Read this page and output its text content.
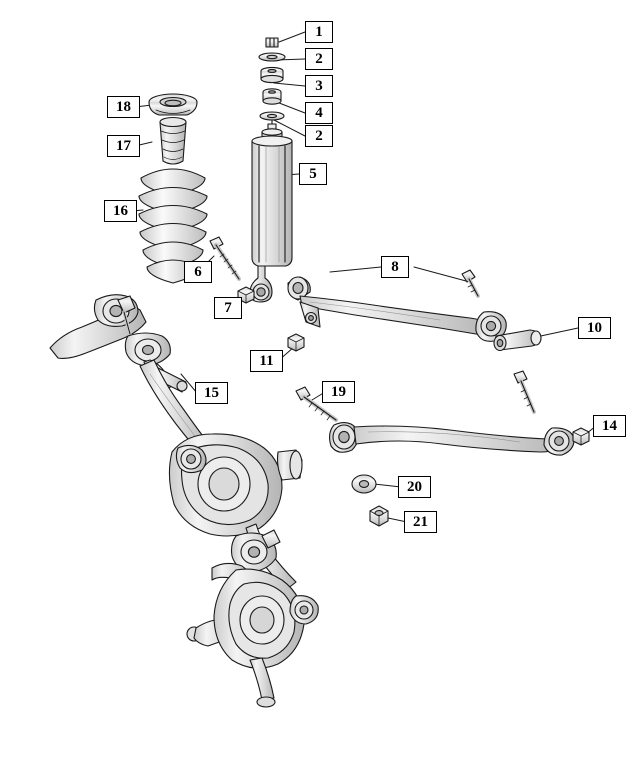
1
2
3
4
2
5
18
17
16
6
7
8
10
11
15	19
14
20
21
